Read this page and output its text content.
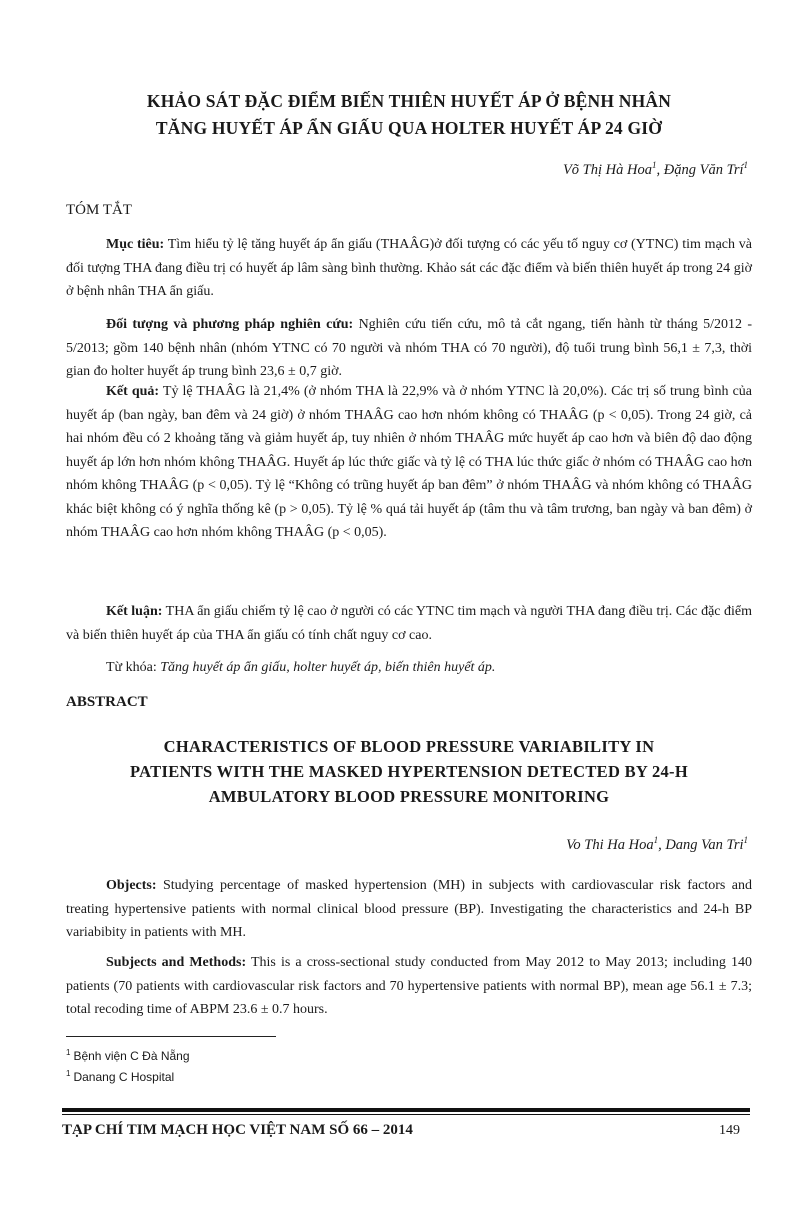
KHẢO SÁT ĐẶC ĐIỂM BIẾN THIÊN HUYẾT ÁP Ở BỆNH NHÂN
TĂNG HUYẾT ÁP ẨN GIẤU QUA HOLTER HUYẾT ÁP 24 GIỜ
Võ Thị Hà Hoa$^1$, Đặng Văn Trí$^1$
TÓM TẮT
Mục tiêu: Tìm hiểu tỷ lệ tăng huyết áp ẩn giấu (THAÂG)ở đối tượng có các yếu tố nguy cơ (YTNC) tim mạch và đối tượng THA đang điều trị có huyết áp lâm sàng bình thường. Khảo sát các đặc điểm và biến thiên huyết áp trong 24 giờ ở bệnh nhân THA ẩn giấu.
Đối tượng và phương pháp nghiên cứu: Nghiên cứu tiến cứu, mô tả cắt ngang, tiến hành từ tháng 5/2012 - 5/2013; gồm 140 bệnh nhân (nhóm YTNC có 70 người và nhóm THA có 70 người), độ tuổi trung bình 56,1 ± 7,3, thời gian đo holter huyết áp trung bình 23,6 ± 0,7 giờ.
Kết quả: Tỷ lệ THAÂG là 21,4% (ở nhóm THA là 22,9% và ở nhóm YTNC là 20,0%). Các trị số trung bình của huyết áp (ban ngày, ban đêm và 24 giờ) ở nhóm THAÂG cao hơn nhóm không có THAÂG (p < 0,05). Trong 24 giờ, cả hai nhóm đều có 2 khoảng tăng và giảm huyết áp, tuy nhiên ở nhóm THAÂG mức huyết áp cao hơn và biên độ dao động huyết áp lớn hơn nhóm không THAÂG. Huyết áp lúc thức giấc và tỷ lệ có THA lúc thức giấc ở nhóm có THAÂG cao hơn nhóm không THAÂG (p < 0,05). Tỷ lệ “Không có trũng huyết áp ban đêm” ở nhóm THAÂG và nhóm không có THAÂG khác biệt không có ý nghĩa thống kê (p > 0,05). Tỷ lệ % quá tải huyết áp (tâm thu và tâm trương, ban ngày và ban đêm) ở nhóm THAÂG cao hơn nhóm không THAÂG (p < 0,05).
Kết luận: THA ẩn giấu chiếm tỷ lệ cao ở người có các YTNC tim mạch và người THA đang điều trị. Các đặc điểm và biến thiên huyết áp của THA ẩn giấu có tính chất nguy cơ cao.
Từ khóa: Tăng huyết áp ẩn giấu, holter huyết áp, biến thiên huyết áp.
ABSTRACT
CHARACTERISTICS OF BLOOD PRESSURE VARIABILITY IN
PATIENTS WITH THE MASKED HYPERTENSION DETECTED BY 24-H
AMBULATORY BLOOD PRESSURE MONITORING
Vo Thi Ha Hoa$^1$, Dang Van Tri$^1$
Objects: Studying percentage of masked hypertension (MH) in subjects with cardiovascular risk factors and treating hypertensive patients with normal clinical blood pressure (BP). Investigating the characteristics and 24-h BP variabibity in patients with MH.
Subjects and Methods: This is a cross-sectional study conducted from May 2012 to May 2013; including 140 patients (70 patients with cardiovascular risk factors and 70 hypertensive patients with normal BP), mean age 56.1 ± 7.3; total recoding time of ABPM 23.6 ± 0.7 hours.
$^1$ Bệnh viện C Đà Nẵng
$^1$ Danang C Hospital
TẠP CHÍ TIM MẠCH HỌC VIỆT NAM SỐ 66 – 2014	149
